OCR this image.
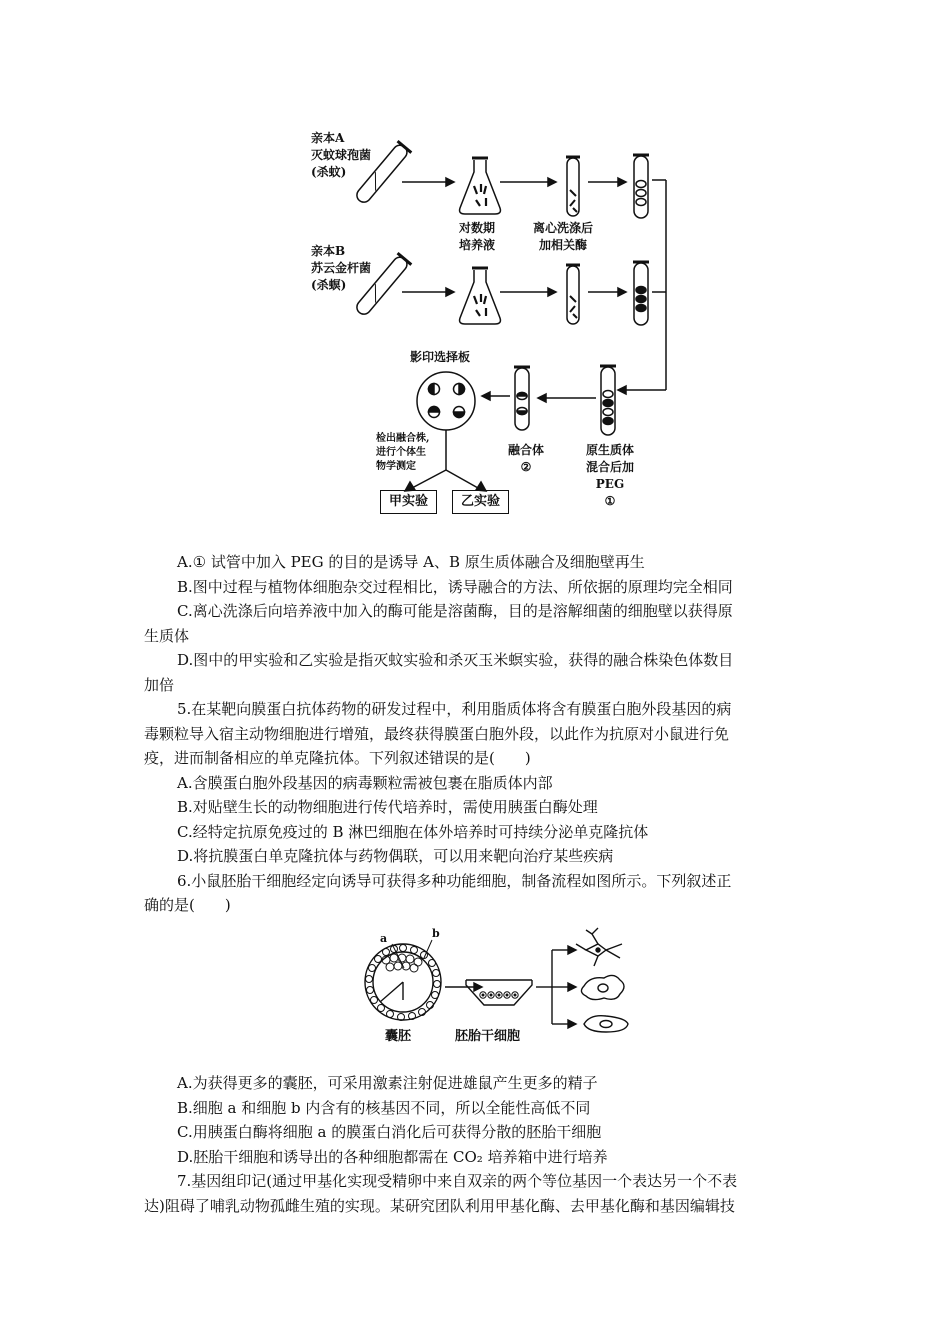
亲本A
灭蚊球孢菌
(杀蚊)
亲本B
苏云金杆菌
(杀螟)
对数期
培养液
离心洗涤后
加相关酶
影印选择板
检出融合株,
进行个体生
物学测定
融合体
②
原生质体
混合后加
PEG
①
甲实验	乙实验
A.① 试管中加入 PEG 的目的是诱导 A、B 原生质体融合及细胞壁再生
B.图中过程与植物体细胞杂交过程相比，诱导融合的方法、所依据的原理均完全相同
C.离心洗涤后向培养液中加入的酶可能是溶菌酶，目的是溶解细菌的细胞壁以获得原
生质体
D.图中的甲实验和乙实验是指灭蚊实验和杀灭玉米螟实验，获得的融合株染色体数目
加倍
5.在某靶向膜蛋白抗体药物的研发过程中，利用脂质体将含有膜蛋白胞外段基因的病
毒颗粒导入宿主动物细胞进行增殖，最终获得膜蛋白胞外段，以此作为抗原对小鼠进行免
疫，进而制备相应的单克隆抗体。下列叙述错误的是(　　)
A.含膜蛋白胞外段基因的病毒颗粒需被包裹在脂质体内部
B.对贴壁生长的动物细胞进行传代培养时，需使用胰蛋白酶处理
C.经特定抗原免疫过的 B 淋巴细胞在体外培养时可持续分泌单克隆抗体
D.将抗膜蛋白单克隆抗体与药物偶联，可以用来靶向治疗某些疾病
6.小鼠胚胎干细胞经定向诱导可获得多种功能细胞，制备流程如图所示。下列叙述正
确的是(　　)
a	b
囊胚	胚胎干细胞
A.为获得更多的囊胚，可采用激素注射促进雄鼠产生更多的精子
B.细胞 a 和细胞 b 内含有的核基因不同，所以全能性高低不同
C.用胰蛋白酶将细胞 a 的膜蛋白消化后可获得分散的胚胎干细胞
D.胚胎干细胞和诱导出的各种细胞都需在 CO₂ 培养箱中进行培养
7.基因组印记(通过甲基化实现受精卵中来自双亲的两个等位基因一个表达另一个不表
达)阻碍了哺乳动物孤雌生殖的实现。某研究团队利用甲基化酶、去甲基化酶和基因编辑技
